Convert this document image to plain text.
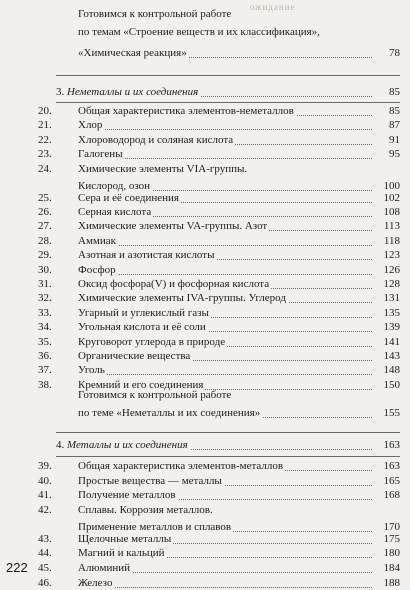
ожидание
Готовимся к контрольной работе
по темам «Строение веществ и их классификация»,
«Химическая реакция»	78
3. Неметаллы и их соединения	85
20.	Общая характеристика элементов-неметаллов	85
21.	Хлор	87
22.	Хлороводород и соляная кислота	91
23.	Галогены	95
24.	Химические элементы VIA-группы.
Кислород, озон	100
25.	Сера и её соединения	102
26.	Серная кислота	108
27.	Химические элементы VA-группы. Азот	113
28.	Аммиак	118
29.	Азотная и азотистая кислоты	123
30.	Фосфор	126
31.	Оксид фосфора(V) и фосфорная кислота	128
32.	Химические элементы IVA-группы. Углерод	131
33.	Угарный и углекислый газы	135
34.	Угольная кислота и её соли	139
35.	Круговорот углерода в природе	141
36.	Органические вещества	143
37.	Уголь	148
38.	Кремний и его соединения	150
Готовимся к контрольной работе
по теме «Неметаллы и их соединения»	155
4. Металлы и их соединения	163
39.	Общая характеристика элементов-металлов	163
40.	Простые вещества — металлы	165
41.	Получение металлов	168
42.	Сплавы. Коррозия металлов.
Применение металлов и сплавов	170
43.	Щелочные металлы	175
44.	Магний и кальций	180
45.	Алюминий	184
46.	Железо	188
222
